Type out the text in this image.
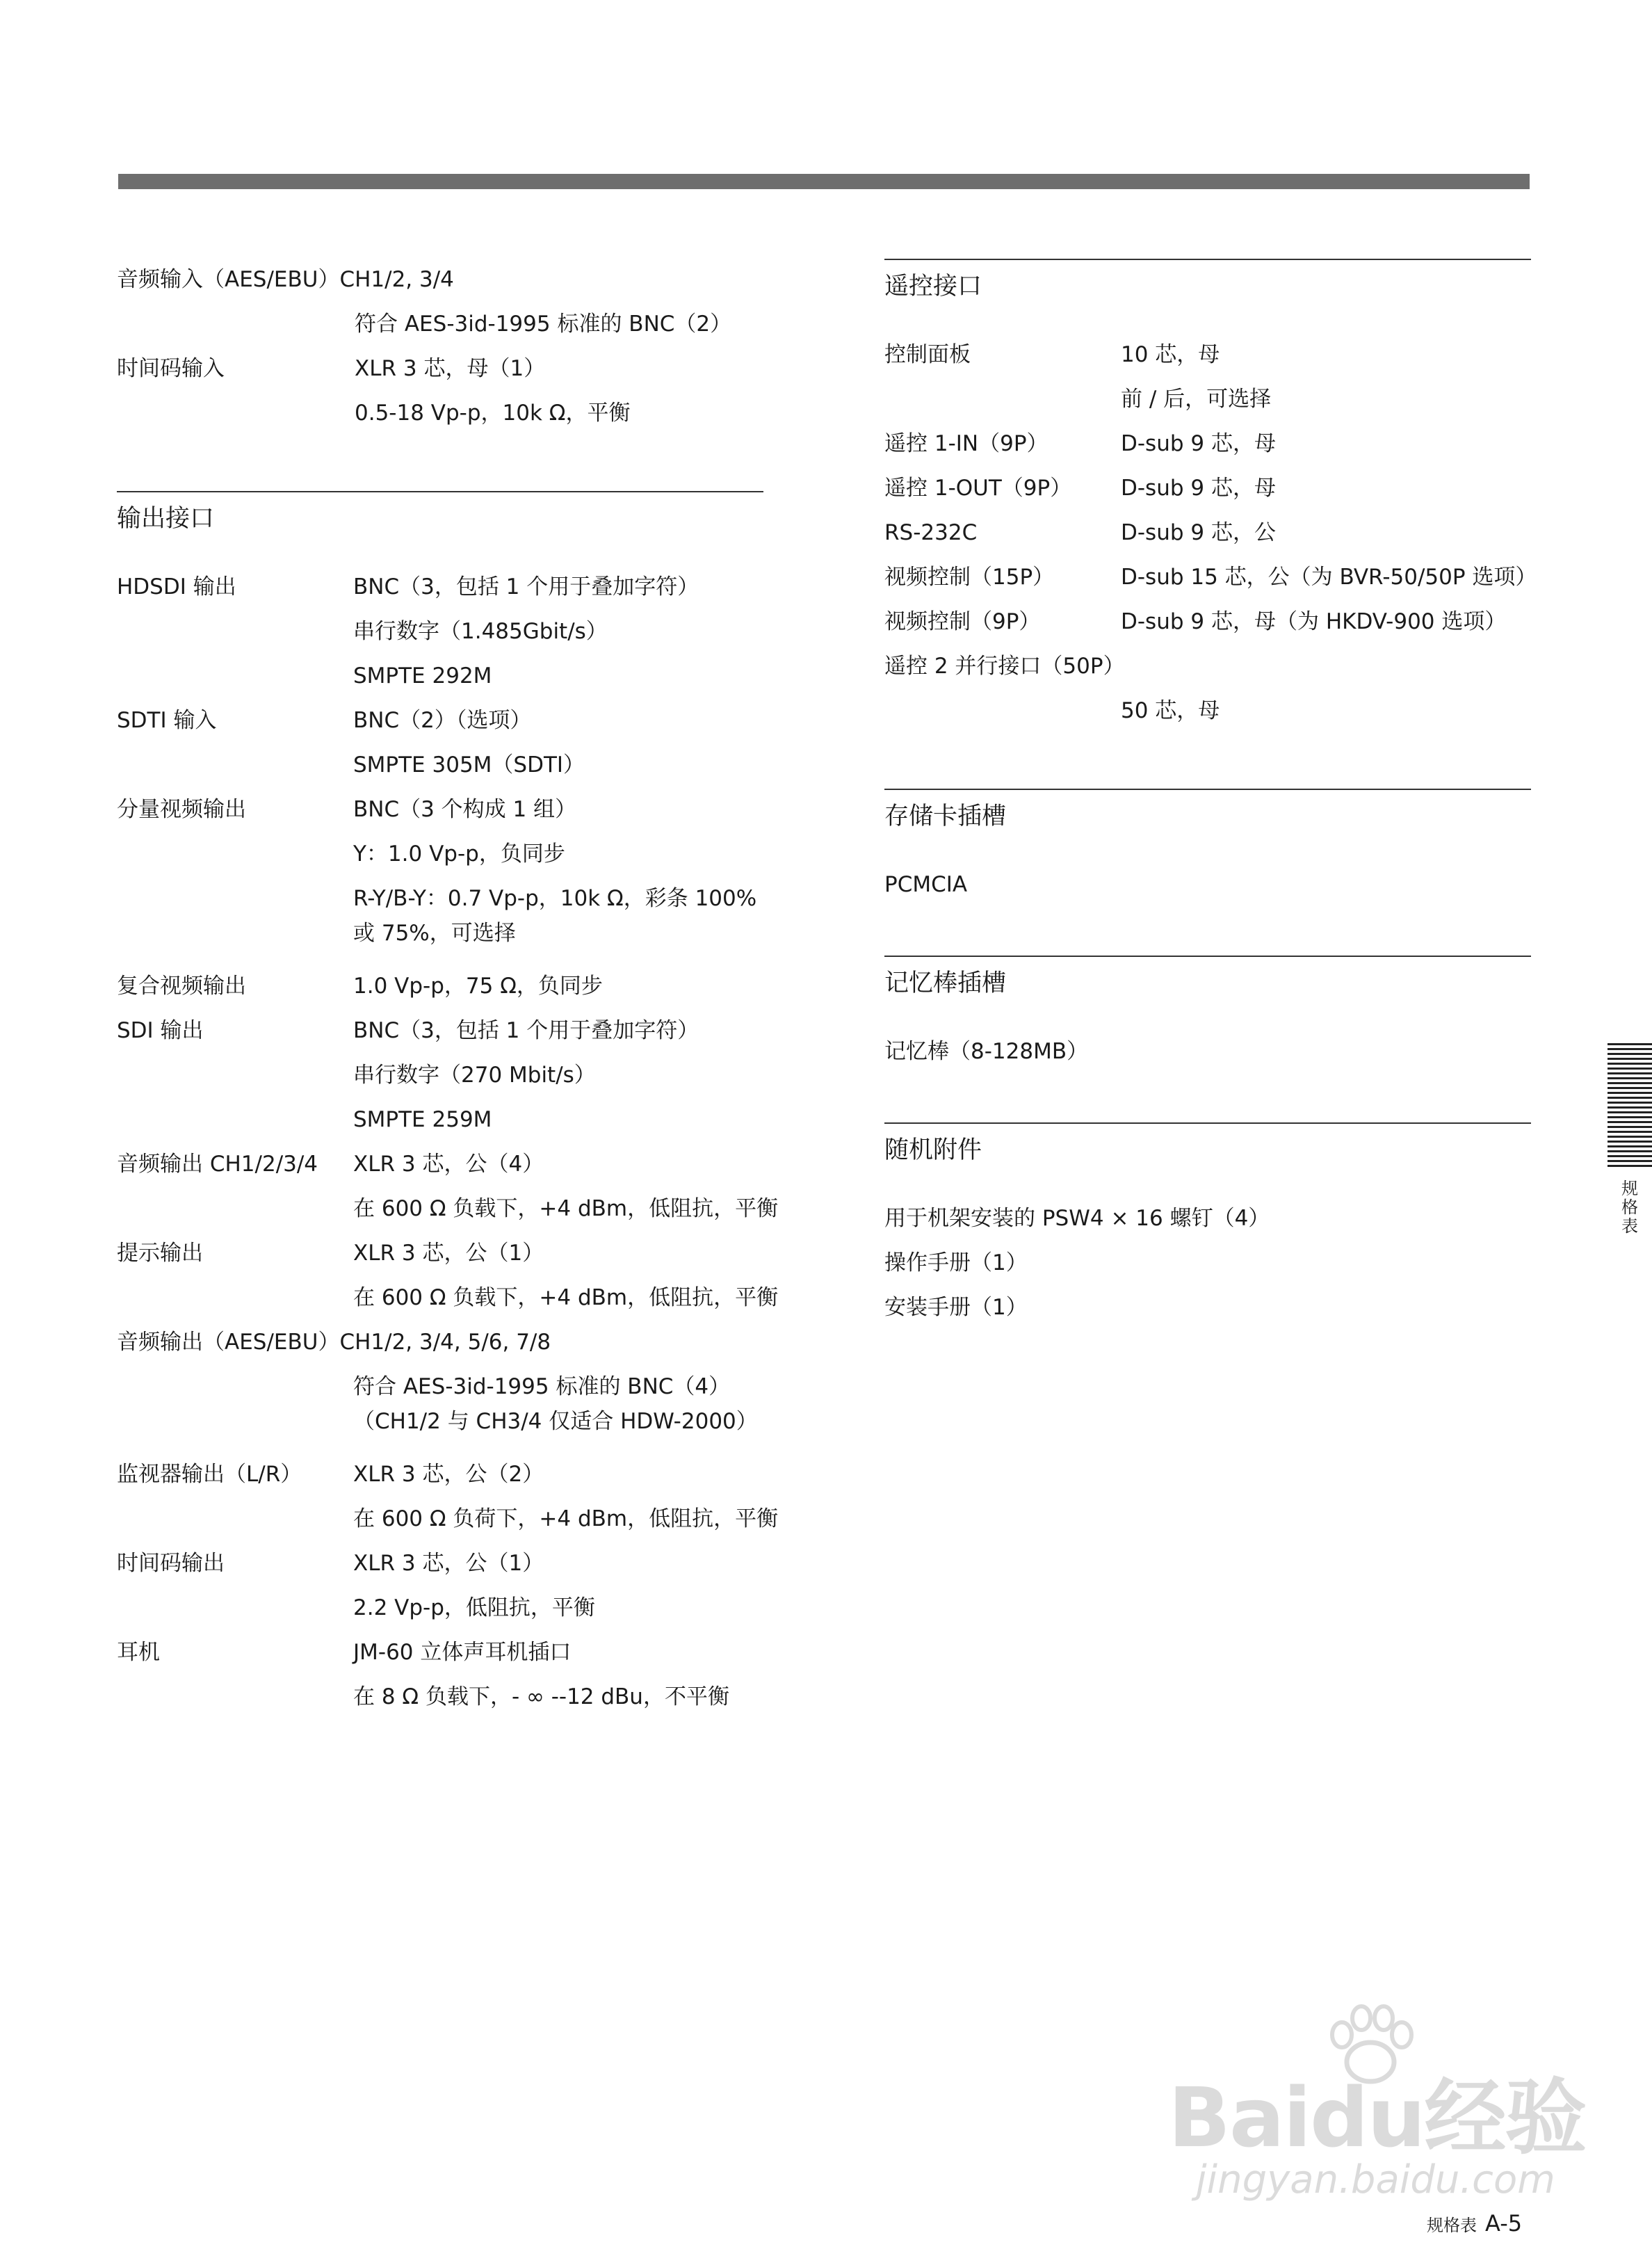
音频输入（AES/EBU）CH1/2, 3/4
符合 AES-3id-1995 标准的 BNC（2）
时间码输入	XLR 3 芯，母（1）
0.5-18 Vp-p，10k Ω，平衡
输出接口
HDSDI 输出	BNC（3，包括 1 个用于叠加字符）
串行数字（1.485Gbit/s）
SMPTE 292M
SDTI 输入	BNC（2）（选项）
SMPTE 305M（SDTI）
分量视频输出	BNC（3 个构成 1 组）
Y：1.0 Vp-p，负同步
R-Y/B-Y：0.7 Vp-p，10k Ω，彩条 100%
或 75%，可选择
复合视频输出	1.0 Vp-p，75 Ω，负同步
SDI 输出	BNC（3，包括 1 个用于叠加字符）
串行数字（270 Mbit/s）
SMPTE 259M
音频输出 CH1/2/3/4 XLR 3 芯，公（4）
在 600 Ω 负载下，+4 dBm，低阻抗，平衡
提示输出	XLR 3 芯，公（1）
在 600 Ω 负载下，+4 dBm，低阻抗，平衡
音频输出（AES/EBU）CH1/2, 3/4, 5/6, 7/8
符合 AES-3id-1995 标准的 BNC（4）
（CH1/2 与 CH3/4 仅适合 HDW-2000）
监视器输出（L/R） XLR 3 芯，公（2）
在 600 Ω 负荷下，+4 dBm，低阻抗，平衡
时间码输出	XLR 3 芯，公（1）
2.2 Vp-p，低阻抗，平衡
耳机	JM-60 立体声耳机插口
在 8 Ω 负载下，- ∞ --12 dBu，不平衡
遥控接口
控制面板	10 芯，母
前 / 后，可选择
遥控 1-IN（9P）	D-sub 9 芯，母
遥控 1-OUT（9P） D-sub 9 芯，母
RS-232C	D-sub 9 芯，公
视频控制（15P）	D-sub 15 芯，公（为 BVR-50/50P 选项）
视频控制（9P）	D-sub 9 芯，母（为 HKDV-900 选项）
遥控 2 并行接口（50P）
50 芯，母
存储卡插槽
PCMCIA
记忆棒插槽
记忆棒（8-128MB）
随机附件
用于机架安装的 PSW4 × 16 螺钉（4）
操作手册（1）
安装手册（1）
规
格
表
Baidu经验
jingyan.baidu.com
规格表 A-5
